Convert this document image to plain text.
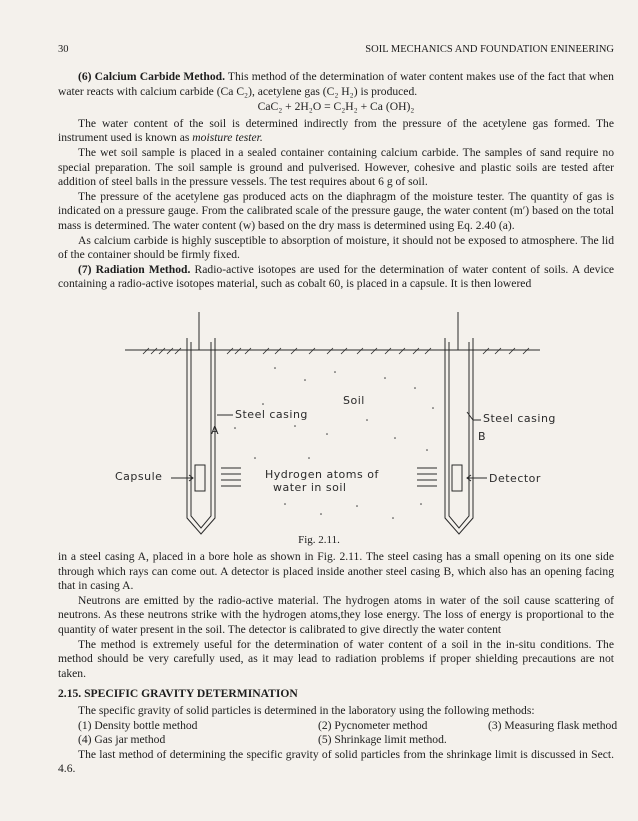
30	SOIL MECHANICS AND FOUNDATION ENINEERING

(6) Calcium Carbide Method. This method of the determination of water content makes use of the fact that when water reacts with calcium carbide (Ca C₂), acetylene gas (C₂ H₂) is produced.

CaC₂ + 2H₂O = C₂H₂ + Ca (OH)₂

The water content of the soil is determined indirectly from the pressure of the acetylene gas formed. The instrument used is known as moisture tester.

The wet soil sample is placed in a sealed container containing calcium carbide. The samples of sand require no special preparation. The soil sample is ground and pulverised. However, cohesive and plastic soils are tested after addition of steel balls in the pressure vessels. The test requires about 6 g of soil.

The pressure of the acetylene gas produced acts on the diaphragm of the moisture tester. The quantity of gas is indicated on a pressure gauge. From the calibrated scale of the pressure gauge, the water content (m′) based on the total mass is determined. The water content (w) based on the dry mass is determined using Eq. 2.40 (a).

As calcium carbide is highly susceptible to absorption of moisture, it should not be exposed to atmosphere. The lid of the container should be firmly fixed.

(7) Radiation Method. Radio-active isotopes are used for the determination of water content of soils. A device containing a radio-active isotopes material, such as cobalt 60, is placed in a capsule. It is then lowered

Soil
Steel casing
A
Steel casing
B
Capsule	Hydrogen atoms of
water in soil
Detector
Fig. 2.11.

in a steel casing A, placed in a bore hole as shown in Fig. 2.11. The steel casing has a small opening on its one side through which rays can come out. A detector is placed inside another steel casing B, which also has an opening facing that in casing A.

Neutrons are emitted by the radio-active material. The hydrogen atoms in water of the soil cause scattering of neutrons. As these neutrons strike with the hydrogen atoms,they lose energy. The loss of energy is proportional to the quantity of water present in the soil. The detector is calibrated to give directly the water content

The method is extremely useful for the determination of water content of a soil in the in-situ conditions. The method should be very carefully used, as it may lead to radiation problems if proper shielding precautions are not taken.

2.15. SPECIFIC GRAVITY DETERMINATION

The specific gravity of solid particles is determined in the laboratory using the following methods:

(1) Density bottle method	(2) Pycnometer method	(3) Measuring flask method
(4) Gas jar method	(5) Shrinkage limit method.

The last method of determining the specific gravity of solid particles from the shrinkage limit is discussed in Sect. 4.6.
